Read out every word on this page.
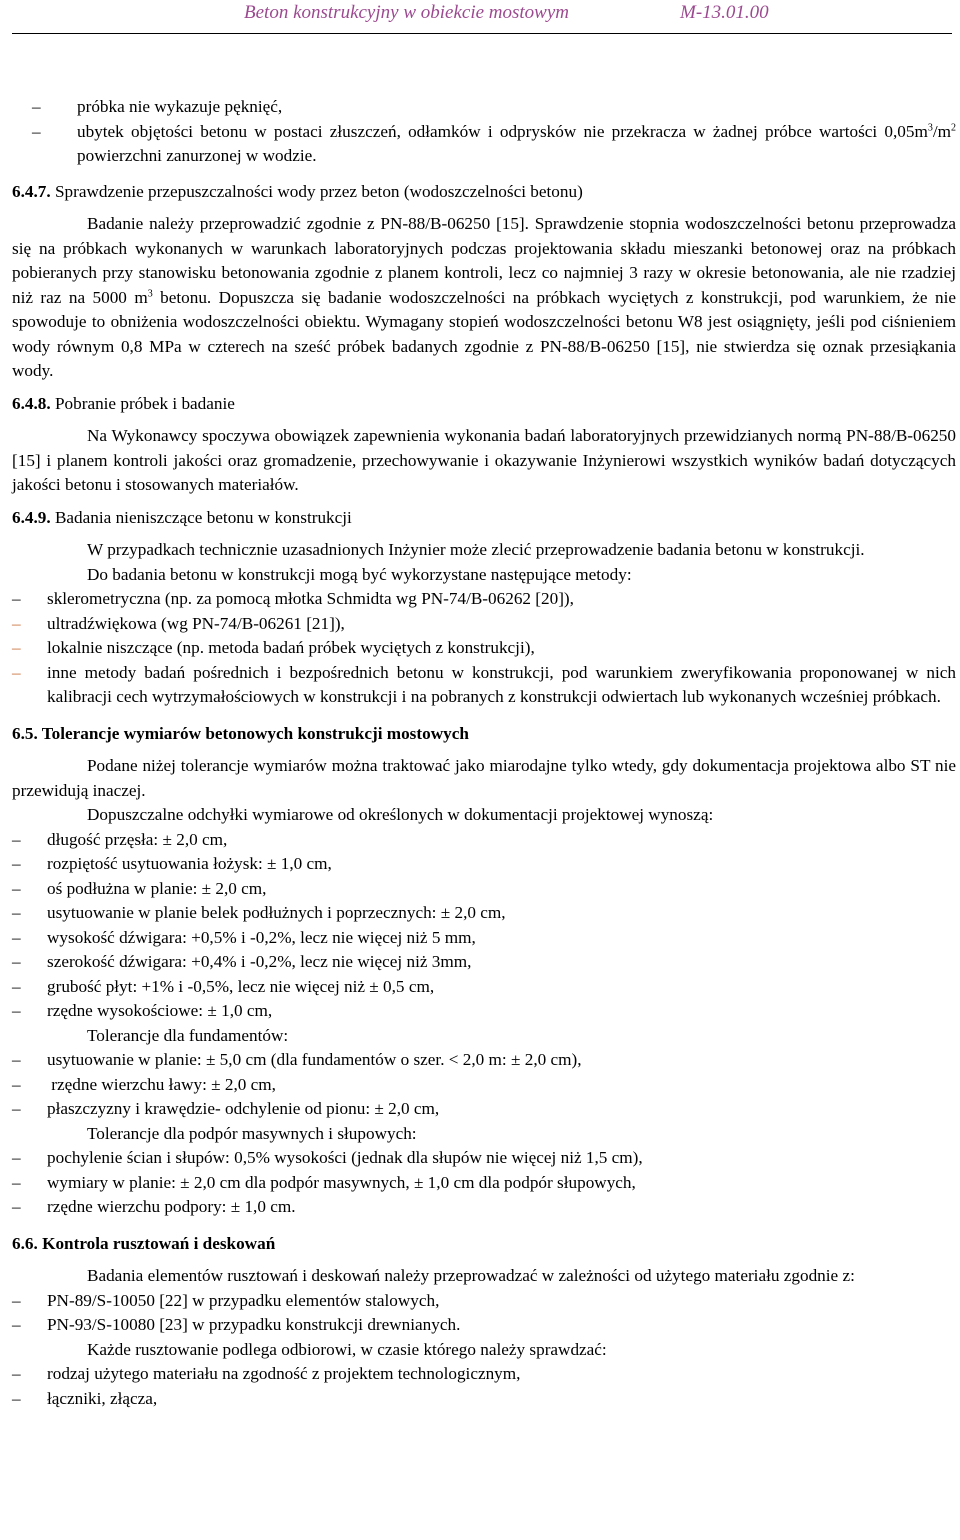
Beton konstrukcyjny w obiekcie mostowym	M-13.01.00
–
próbka nie wykazuje pęknięć,
–
ubytek objętości betonu w postaci złuszczeń, odłamków i odprysków nie przekracza w żadnej próbce wartości $0,05m^3/m^2$ powierzchni zanurzonej w wodzie.

6.4.7. Sprawdzenie przepuszczalności wody przez beton (wodoszczelności betonu)

Badanie należy przeprowadzić zgodnie z PN-88/B-06250 [15]. Sprawdzenie stopnia wodoszczelności betonu przeprowadza się na próbkach wykonanych w warunkach laboratoryjnych podczas projektowania składu mieszanki betonowej oraz na próbkach pobieranych przy stanowisku betonowania zgodnie z planem kontroli, lecz co najmniej 3 razy w okresie betonowania, ale nie rzadziej niż raz na 5000 $m^3$ betonu. Dopuszcza się badanie wodoszczelności na próbkach wyciętych z konstrukcji, pod warunkiem, że nie spowoduje to obniżenia wodoszczelności obiektu. Wymagany stopień wodoszczelności betonu W8 jest osiągnięty, jeśli pod ciśnieniem wody równym 0,8 MPa w czterech na sześć próbek badanych zgodnie z PN-88/B-06250 [15], nie stwierdza się oznak przesiąkania wody.

6.4.8. Pobranie próbek i badanie

Na Wykonawcy spoczywa obowiązek zapewnienia wykonania badań laboratoryjnych przewidzianych normą PN-88/B-06250 [15] i planem kontroli jakości oraz gromadzenie, przechowywanie i okazywanie Inżynierowi wszystkich wyników badań dotyczących jakości betonu i stosowanych materiałów.

6.4.9. Badania nieniszczące betonu w konstrukcji

W przypadkach technicznie uzasadnionych Inżynier może zlecić przeprowadzenie badania betonu w konstrukcji.

Do badania betonu w konstrukcji mogą być wykorzystane następujące metody:

–
sklerometryczna (np. za pomocą młotka Schmidta wg PN-74/B-06262 [20]),
–
ultradźwiękowa (wg PN-74/B-06261 [21]),
–
lokalnie niszczące (np. metoda badań próbek wyciętych z konstrukcji),
–
inne metody badań pośrednich i bezpośrednich betonu w konstrukcji, pod warunkiem zweryfikowania proponowanej w nich kalibracji cech wytrzymałościowych w konstrukcji i na pobranych z konstrukcji odwiertach lub wykonanych wcześniej próbkach.

6.5. Tolerancje wymiarów betonowych konstrukcji mostowych

Podane niżej tolerancje wymiarów można traktować jako miarodajne tylko wtedy, gdy dokumentacja projektowa albo ST nie przewidują inaczej.

Dopuszczalne odchyłki wymiarowe od określonych w dokumentacji projektowej wynoszą:

–
długość przęsła: ± 2,0 cm,
–
rozpiętość usytuowania łożysk: ± 1,0 cm,
–
oś podłużna w planie: ± 2,0 cm,
–
usytuowanie w planie belek podłużnych i poprzecznych: ± 2,0 cm,
–
wysokość dźwigara: +0,5% i -0,2%, lecz nie więcej niż 5 mm,
–
szerokość dźwigara: +0,4% i -0,2%, lecz nie więcej niż 3mm,
–
grubość płyt: +1% i -0,5%, lecz nie więcej niż ± 0,5 cm,
–
rzędne wysokościowe: ± 1,0 cm,

Tolerancje dla fundamentów:

–
usytuowanie w planie: ± 5,0 cm (dla fundamentów o szer. < 2,0 m: ± 2,0 cm),
–
rzędne wierzchu ławy: ± 2,0 cm,
–
płaszczyzny i krawędzie- odchylenie od pionu: ± 2,0 cm,

Tolerancje dla podpór masywnych i słupowych:

–
pochylenie ścian i słupów: 0,5% wysokości (jednak dla słupów nie więcej niż 1,5 cm),
–
wymiary w planie: ± 2,0 cm dla podpór masywnych, ± 1,0 cm dla podpór słupowych,
–
rzędne wierzchu podpory: ± 1,0 cm.

6.6. Kontrola rusztowań i deskowań

Badania elementów rusztowań i deskowań należy przeprowadzać w zależności od użytego materiału zgodnie z:

–
PN-89/S-10050 [22] w przypadku elementów stalowych,
–
PN-93/S-10080 [23] w przypadku konstrukcji drewnianych.

Każde rusztowanie podlega odbiorowi, w czasie którego należy sprawdzać:

–
rodzaj użytego materiału na zgodność z projektem technologicznym,
–
łączniki, złącza,
